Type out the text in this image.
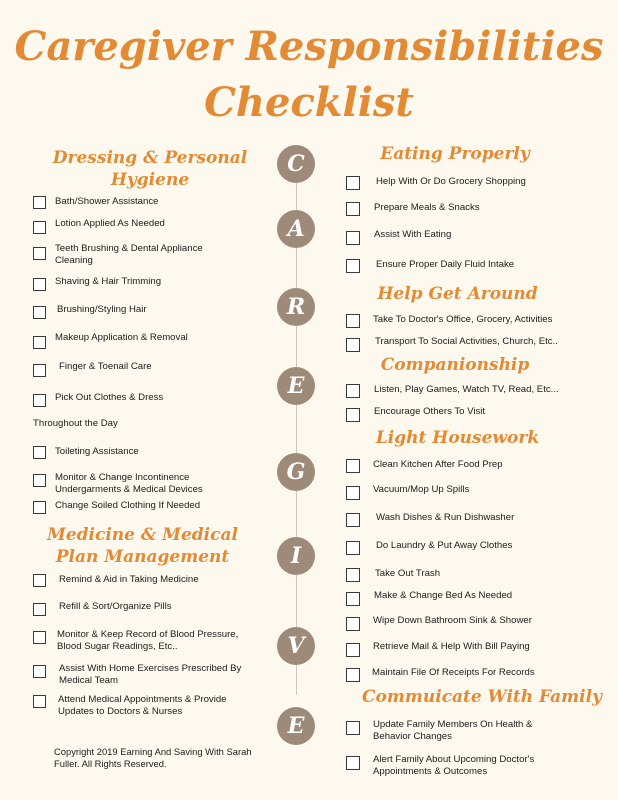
Caregiver Responsibilities
Checklist
C
A
R
E
G
I
V
E
Dressing & Personal
Hygiene
Bath/Shower Assistance
Lotion Applied As Needed
Teeth Brushing & Dental Appliance Cleaning
Shaving & Hair Trimming
Brushing/Styling Hair
Makeup Application & Removal
Finger & Toenail Care
Pick Out Clothes & Dress
Throughout the Day
Toileting Assistance
Monitor & Change Incontinence Undergarments & Medical Devices
Change Soiled Clothing If Needed
Medicine & Medical
Plan Management
Remind & Aid in Taking Medicine
Refill & Sort/Organize Pills
Monitor & Keep Record of Blood Pressure, Blood Sugar Readings, Etc..
Assist With Home Exercises Prescribed By Medical Team
Attend Medical Appointments & Provide Updates to Doctors & Nurses
Copyright 2019 Earning And Saving With Sarah Fuller. All Rights Reserved.
Eating Properly
Help With Or Do Grocery Shopping
Prepare Meals & Snacks
Assist With Eating
Ensure Proper Daily Fluid Intake
Help Get Around
Take To Doctor's Office, Grocery, Activities
Transport To Social Activities, Church, Etc..
Companionship
Listen, Play Games, Watch TV, Read, Etc...
Encourage Others To Visit
Light Housework
Clean Kitchen After Food Prep
Vacuum/Mop Up Spills
Wash Dishes & Run Dishwasher
Do Laundry & Put Away Clothes
Take Out Trash
Make & Change Bed As Needed
Wipe Down Bathroom Sink & Shower
Retrieve Mail & Help With Bill Paying
Maintain File Of Receipts For Records
Commuicate With Family
Update Family Members On Health & Behavior Changes
Alert Family About Upcoming Doctor's Appointments & Outcomes
